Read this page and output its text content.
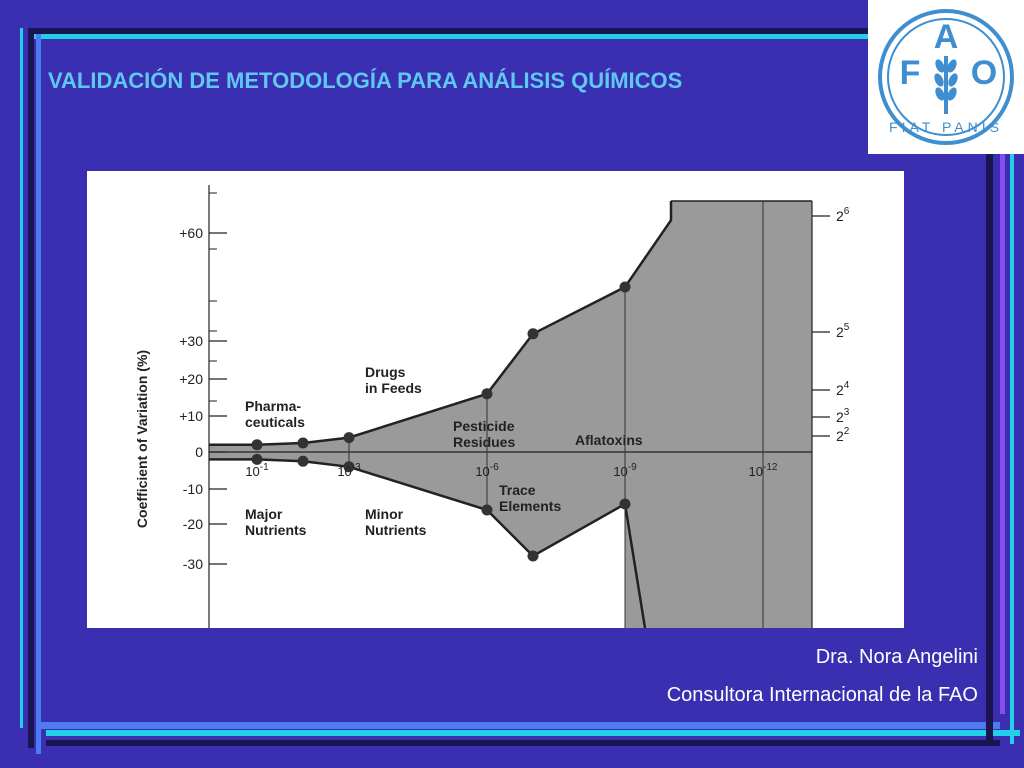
VALIDACIÓN DE METODOLOGÍA PARA ANÁLISIS QUÍMICOS	F
A
O
FIAT PANIS
+60
+30
+20
+10
0
-10
-20
-30
Coefficient of Variation (%)	$10^{-1}$	$10^{-3}$	$10^{-6}$	$10^{-9}$	$10^{-12}$
$2^6$
$2^5$
$2^4$
$2^3$
$2^2$
Pharma-ceuticals
Drugs in Feeds
Pesticide Residues	Aflatoxins
Major Nutrients
Minor Nutrients
Trace Elements
Dra. Nora Angelini
Consultora Internacional de la FAO
